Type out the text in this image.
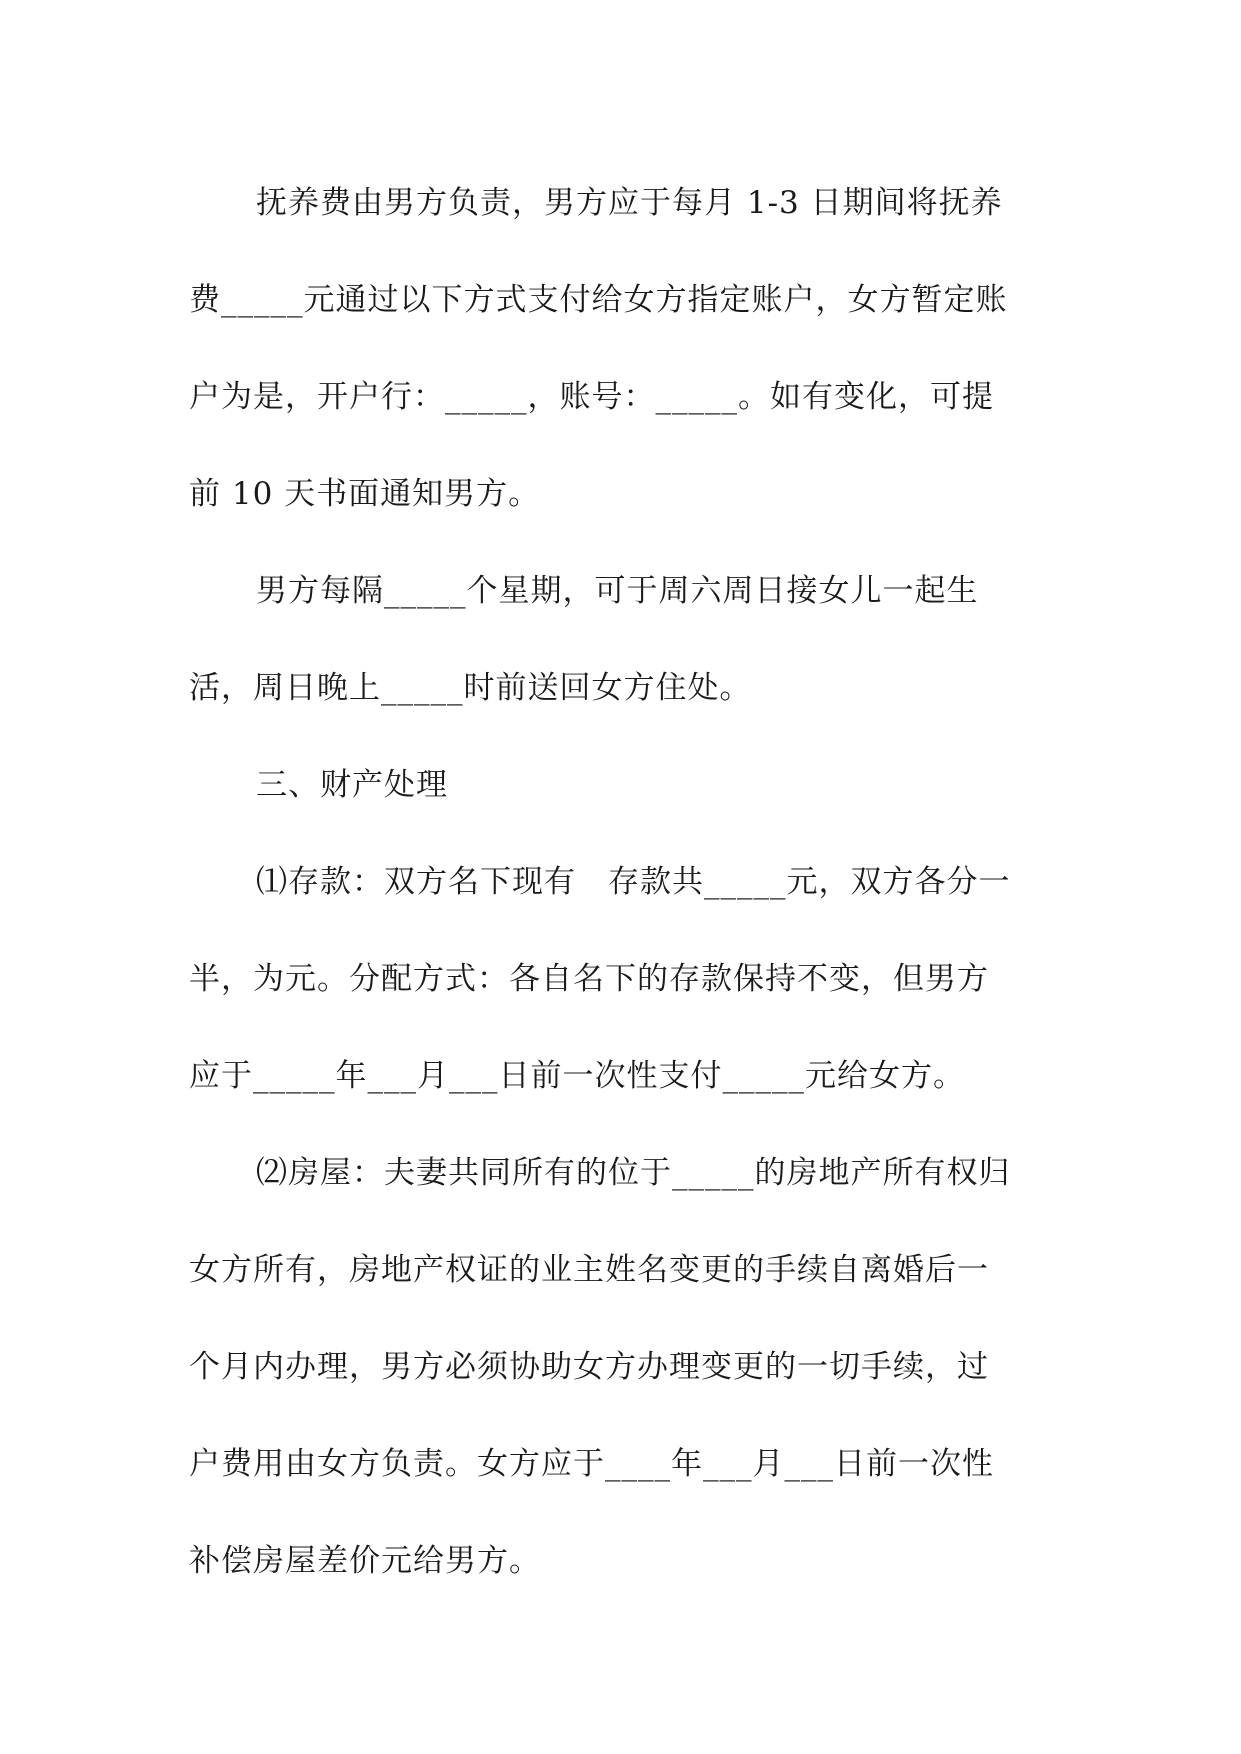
抚养费由男方负责，男方应于每月 1-3 日期间将抚养
费_____元通过以下方式支付给女方指定账户，女方暂定账
户为是，开户行：_____，账号：_____。如有变化，可提
前 10 天书面通知男方。
男方每隔_____个星期，可于周六周日接女儿一起生
活，周日晚上_____时前送回女方住处。
三、财产处理
⑴存款：双方名下现有　存款共_____元，双方各分一
半，为元。分配方式：各自名下的存款保持不变，但男方
应于_____年___月___日前一次性支付_____元给女方。
⑵房屋：夫妻共同所有的位于_____的房地产所有权归
女方所有，房地产权证的业主姓名变更的手续自离婚后一
个月内办理，男方必须协助女方办理变更的一切手续，过
户费用由女方负责。女方应于____年___月___日前一次性
补偿房屋差价元给男方。
